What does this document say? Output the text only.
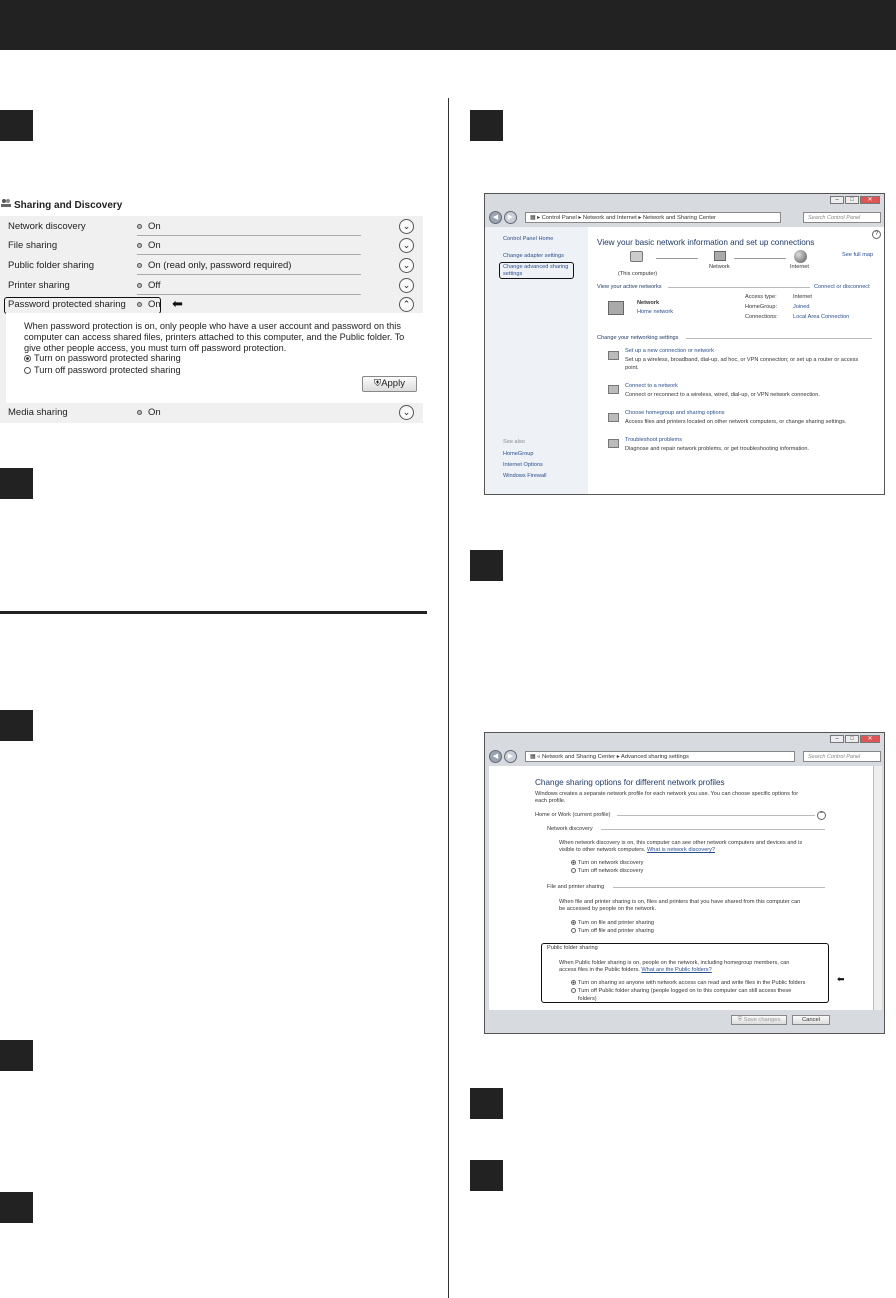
Sharing and Discovery
Network discovery	On	⌄
File sharing	On	⌄
Public folder sharing	On (read only, password required)	⌄
Printer sharing	Off	⌄
Password protected sharing On	⌃
⬅
When password protection is on, only people who have a user account and password on this computer can access shared files, printers attached to this computer, and the Public folder. To give other people access, you must turn off password protection.
Turn on password protected sharing
Turn off password protected sharing
⛨Apply
Media sharing	On	⌄
– □ ✕
◀	▶	▦ ▸ Control Panel ▸ Network and Internet ▸ Network and Sharing Center	Search Control Panel
Control Panel Home
Change adapter settings
Change advanced sharing settings
See also
HomeGroup
Internet Options
Windows Firewall
?
View your basic network information and set up connections
See full map
(This computer)
Network	Internet
View your active networks	Connect or disconnect
Network
Home network
Access type:	Internet
HomeGroup:	Joined
Connections:	Local Area Connection
Change your networking settings
Set up a new connection or network
Set up a wireless, broadband, dial-up, ad hoc, or VPN connection; or set up a router or access
point.
Connect to a network
Connect or reconnect to a wireless, wired, dial-up, or VPN network connection.
Choose homegroup and sharing options
Access files and printers located on other network computers, or change sharing settings.
Troubleshoot problems
Diagnose and repair network problems, or get troubleshooting information.
– □ ✕
◀	▶	▦ « Network and Sharing Center ▸ Advanced sharing settings	Search Control Panel
Change sharing options for different network profiles
Windows creates a separate network profile for each network you use. You can choose specific options for
each profile.
Home or Work (current profile)	⌃
Network discovery
When network discovery is on, this computer can see other network computers and devices and is
visible to other network computers. What is network discovery?
Turn on network discovery
Turn off network discovery
File and printer sharing
When file and printer sharing is on, files and printers that you have shared from this computer can
be accessed by people on the network.
Turn on file and printer sharing
Turn off file and printer sharing
Public folder sharing
When Public folder sharing is on, people on the network, including homegroup members, can
access files in the Public folders. What are the Public folders?
Turn on sharing so anyone with network access can read and write files in the Public folders
Turn off Public folder sharing (people logged on to this computer can still access these
folders)
⬅
⛨ Save changes	Cancel
